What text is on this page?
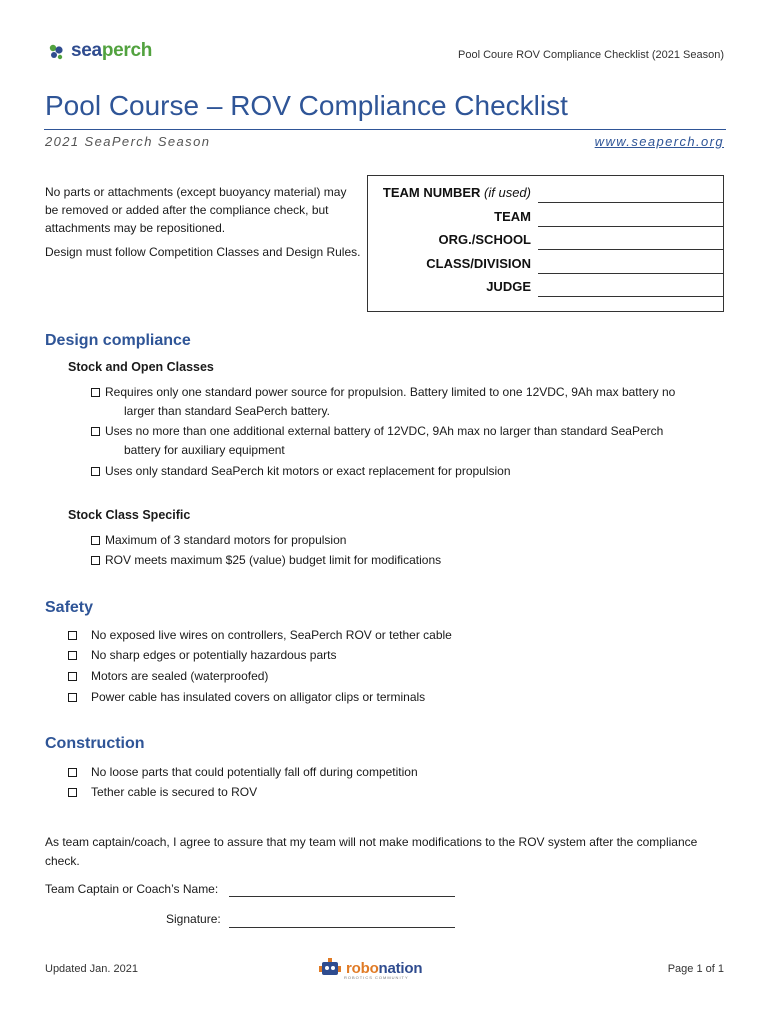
seaperch	Pool Coure ROV Compliance Checklist (2021 Season)
Pool Course – ROV Compliance Checklist
2021 SeaPerch Season	www.seaperch.org

No parts or attachments (except buoyancy material) may be removed or added after the compliance check, but attachments may be repositioned.

Design must follow Competition Classes and Design Rules.

TEAM NUMBER (if used)
TEAM
ORG./SCHOOL
CLASS/DIVISION
JUDGE
Design compliance
Stock and Open Classes
Requires only one standard power source for propulsion. Battery limited to one 12VDC, 9Ah max battery no
larger than standard SeaPerch battery.
Uses no more than one additional external battery of 12VDC, 9Ah max no larger than standard SeaPerch
battery for auxiliary equipment
Uses only standard SeaPerch kit motors or exact replacement for propulsion
Stock Class Specific
Maximum of 3 standard motors for propulsion
ROV meets maximum $25 (value) budget limit for modifications
Safety
No exposed live wires on controllers, SeaPerch ROV or tether cable
No sharp edges or potentially hazardous parts
Motors are sealed (waterproofed)
Power cable has insulated covers on alligator clips or terminals
Construction
No loose parts that could potentially fall off during competition
Tether cable is secured to ROV
As team captain/coach, I agree to assure that my team will not make modifications to the ROV system after the compliance check.
Team Captain or Coach’s Name:
Signature:
Updated Jan. 2021	robonation
ROBOTICS COMMUNITY
Page 1 of 1
